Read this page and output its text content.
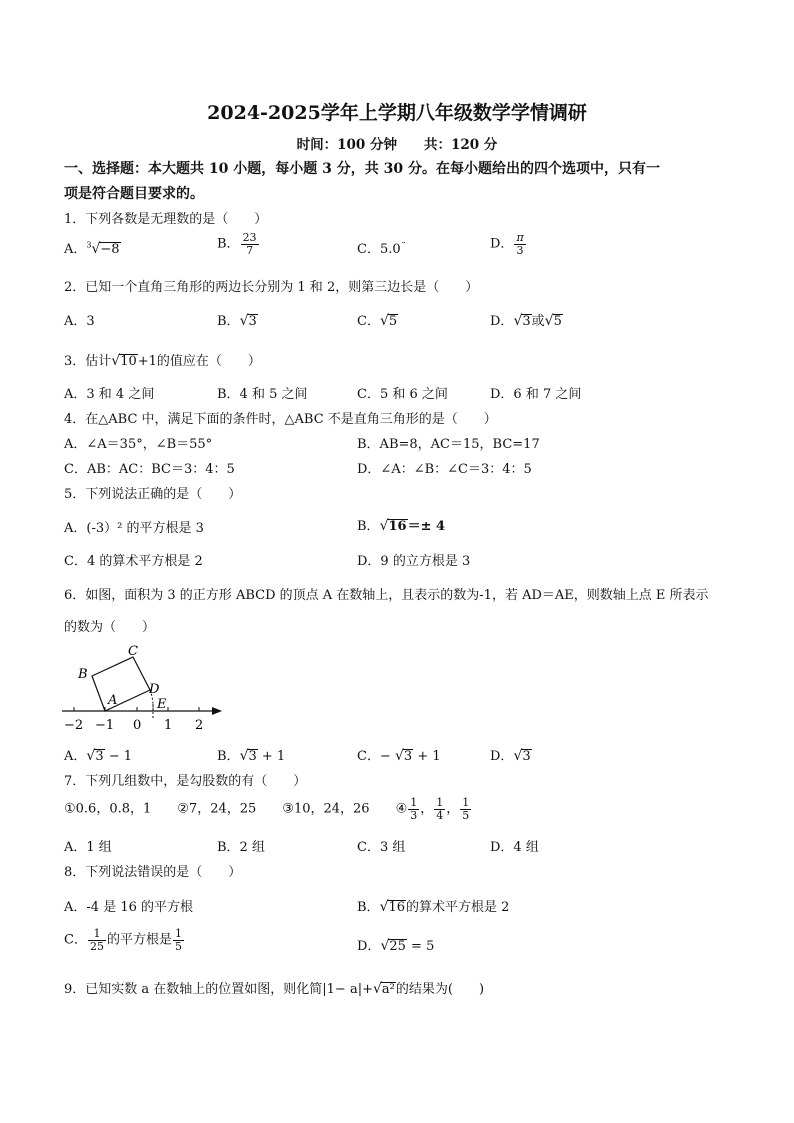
2024-2025学年上学期八年级数学学情调研
时间：100 分钟　　共：120 分
一、选择题：本大题共 10 小题，每小题 3 分，共 30 分。在每小题给出的四个选项中，只有一
项是符合题目要求的。
1．下列各数是无理数的是（　　）
A．$^3$√−8	B． $\frac{23}{7}$	C．5.0˙˙	D． $\frac{\pi}{3}$
2．已知一个直角三角形的两边长分别为 1 和 2，则第三边长是（　　）
A．3	B．√3	C．√5	D．√3或√5
3．估计√10+1的值应在（　　）
A．3 和 4 之间	B．4 和 5 之间	C．5 和 6 之间	D．6 和 7 之间
4．在△ABC 中，满足下面的条件时，△ABC 不是直角三角形的是（　　）
A．∠A＝35°，∠B＝55°	B．AB=8，AC＝15，BC=17
C．AB：AC：BC＝3：4：5	D．∠A：∠B：∠C＝3：4：5
5．下列说法正确的是（　　）
A．(-3）² 的平方根是 3	B．√16＝± 4
C．4 的算术平方根是 2	D．9 的立方根是 3
6．如图，面积为 3 的正方形 ABCD 的顶点 A 在数轴上，且表示的数为-1，若 AD＝AE，则数轴上点 E 所表示
的数为（　　）
B
C
A
D
E
−2 −1 0 1 2
A．√3 − 1	B．√3 + 1	C．− √3 + 1	D．√3
7．下列几组数中，是勾股数的有（　　）
①0.6，0.8，1　　②7，24，25　　③10，24，26　　④ $\frac{1}{3}$ ， $\frac{1}{4}$ ， $\frac{1}{5}$
A．1 组	B．2 组	C．3 组	D．4 组
8．下列说法错误的是（　　）
A．-4 是 16 的平方根	B．√16的算术平方根是 2
C． $\frac{1}{25}$ 的平方根是 $\frac{1}{5}$	D．√25 = 5
9．已知实数 a 在数轴上的位置如图，则化简|1− a|+√a²的结果为(　　)
